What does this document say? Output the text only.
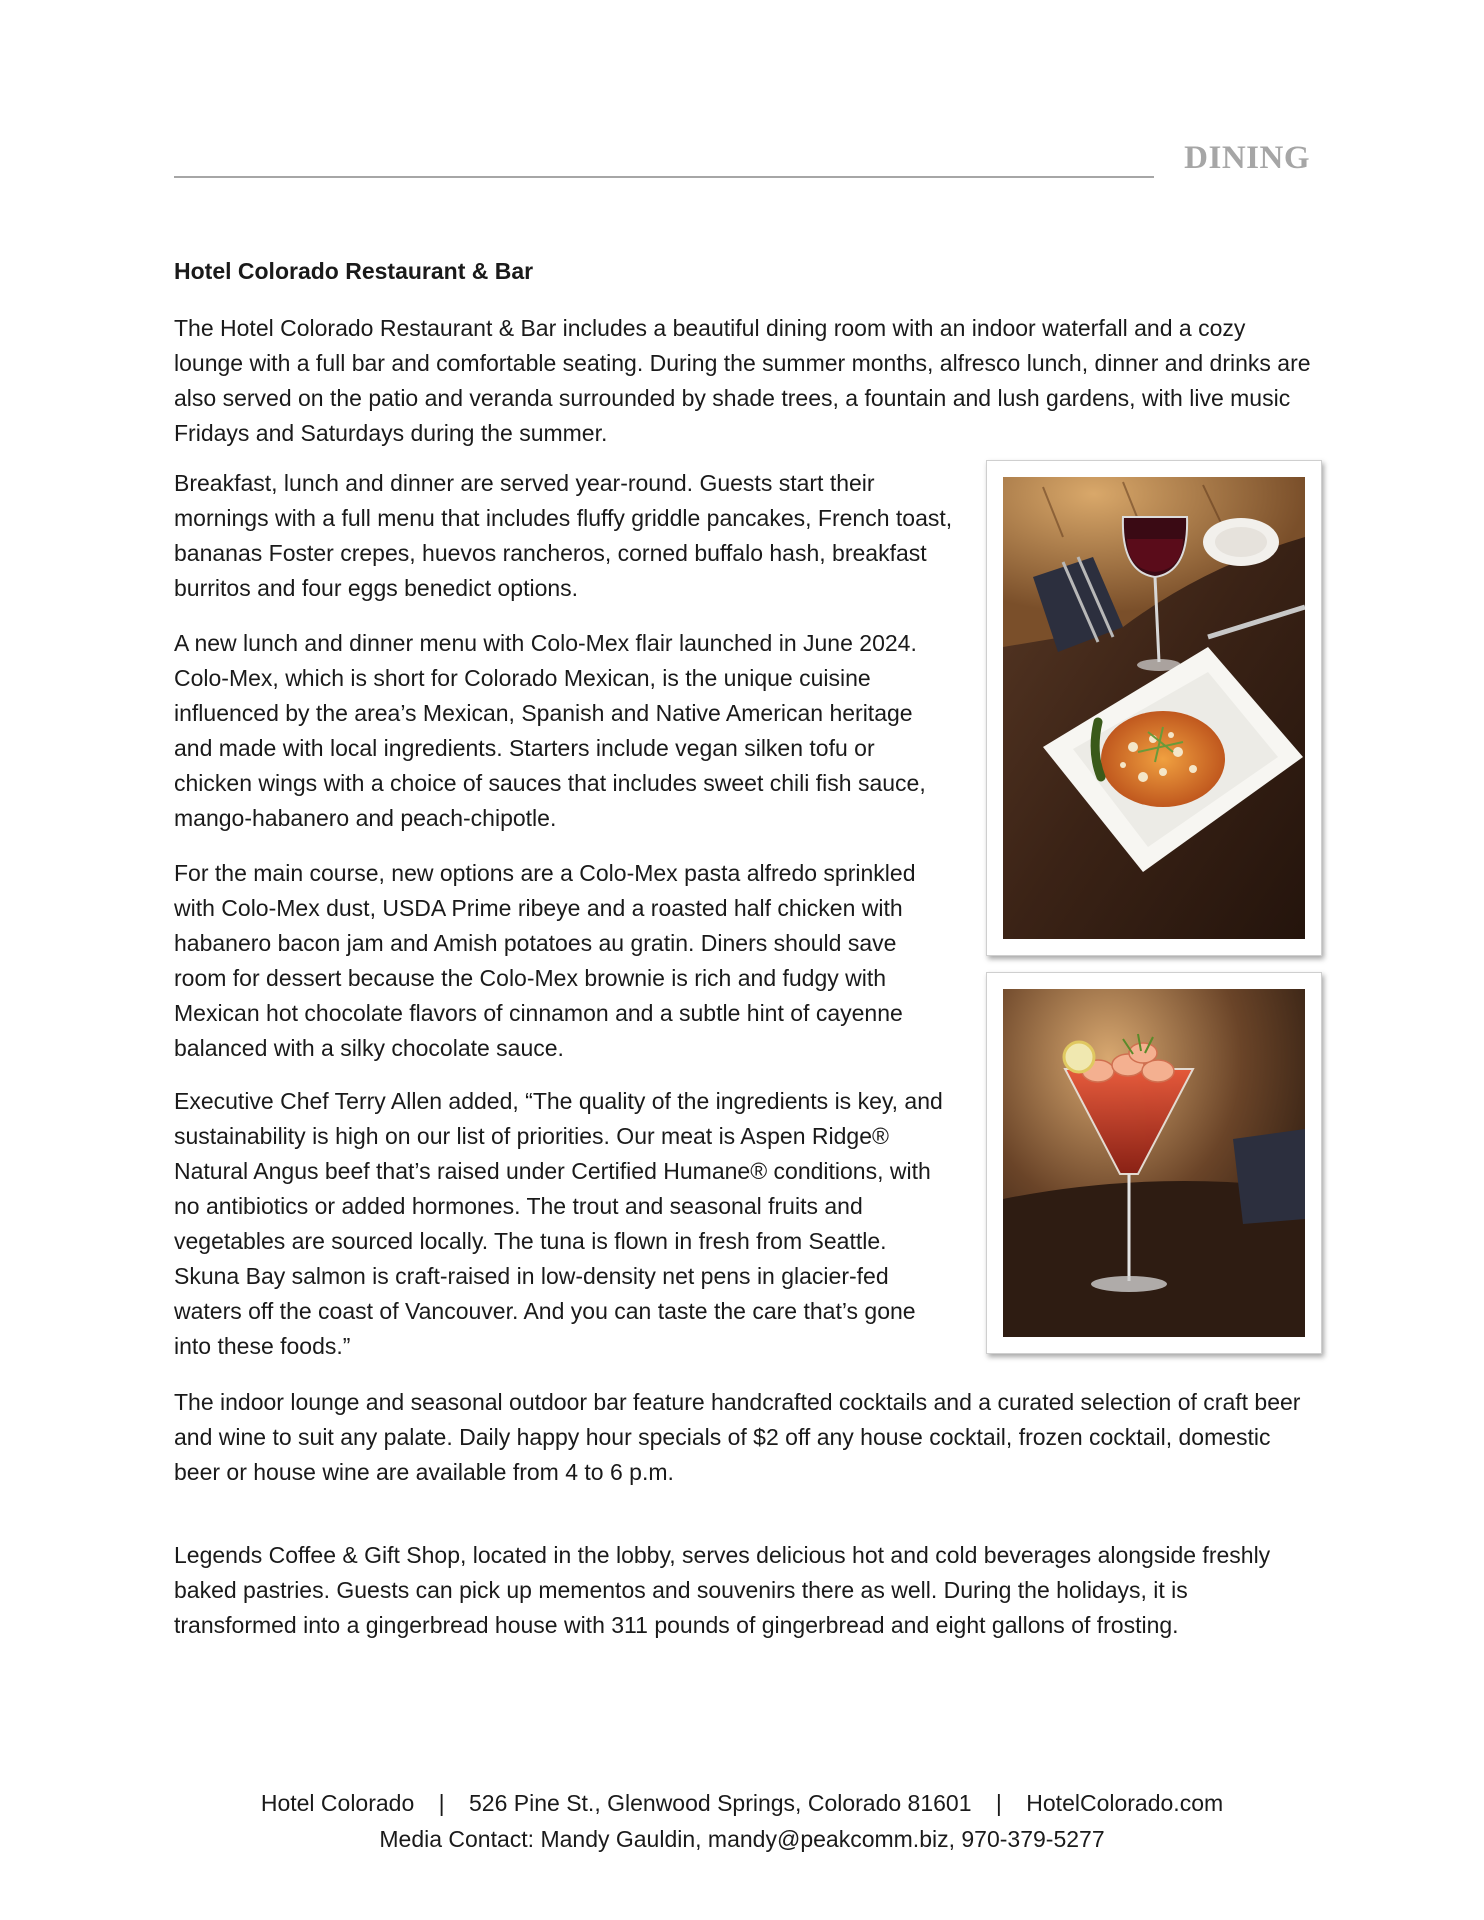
DINING
Hotel Colorado Restaurant & Bar

The Hotel Colorado Restaurant & Bar includes a beautiful dining room with an indoor waterfall and a cozy lounge with a full bar and comfortable seating. During the summer months, alfresco lunch, dinner and drinks are also served on the patio and veranda surrounded by shade trees, a fountain and lush gardens, with live music Fridays and Saturdays during the summer.

Breakfast, lunch and dinner are served year-round. Guests start their mornings with a full menu that includes fluffy griddle pancakes, French toast, bananas Foster crepes, huevos rancheros, corned buffalo hash, breakfast burritos and four eggs benedict options.

A new lunch and dinner menu with Colo-Mex flair launched in June 2024. Colo-Mex, which is short for Colorado Mexican, is the unique cuisine influenced by the area’s Mexican, Spanish and Native American heritage and made with local ingredients. Starters include vegan silken tofu or chicken wings with a choice of sauces that includes sweet chili fish sauce, mango-habanero and peach-chipotle.

For the main course, new options are a Colo-Mex pasta alfredo sprinkled with Colo-Mex dust, USDA Prime ribeye and a roasted half chicken with habanero bacon jam and Amish potatoes au gratin. Diners should save room for dessert because the Colo-Mex brownie is rich and fudgy with Mexican hot chocolate flavors of cinnamon and a subtle hint of cayenne balanced with a silky chocolate sauce.

Executive Chef Terry Allen added, “The quality of the ingredients is key, and sustainability is high on our list of priorities. Our meat is Aspen Ridge® Natural Angus beef that’s raised under Certified Humane® conditions, with no antibiotics or added hormones. The trout and seasonal fruits and vegetables are sourced locally. The tuna is flown in fresh from Seattle. Skuna Bay salmon is craft-raised in low-density net pens in glacier-fed waters off the coast of Vancouver. And you can taste the care that’s gone into these foods.”

The indoor lounge and seasonal outdoor bar feature handcrafted cocktails and a curated selection of craft beer and wine to suit any palate. Daily happy hour specials of $2 off any house cocktail, frozen cocktail, domestic beer or house wine are available from 4 to 6 p.m.

Legends Coffee & Gift Shop, located in the lobby, serves delicious hot and cold beverages alongside freshly baked pastries. Guests can pick up mementos and souvenirs there as well. During the holidays, it is transformed into a gingerbread house with 311 pounds of gingerbread and eight gallons of frosting.

Hotel Colorado | 526 Pine St., Glenwood Springs, Colorado 81601 | HotelColorado.com
Media Contact: Mandy Gauldin, mandy@peakcomm.biz, 970-379-5277
